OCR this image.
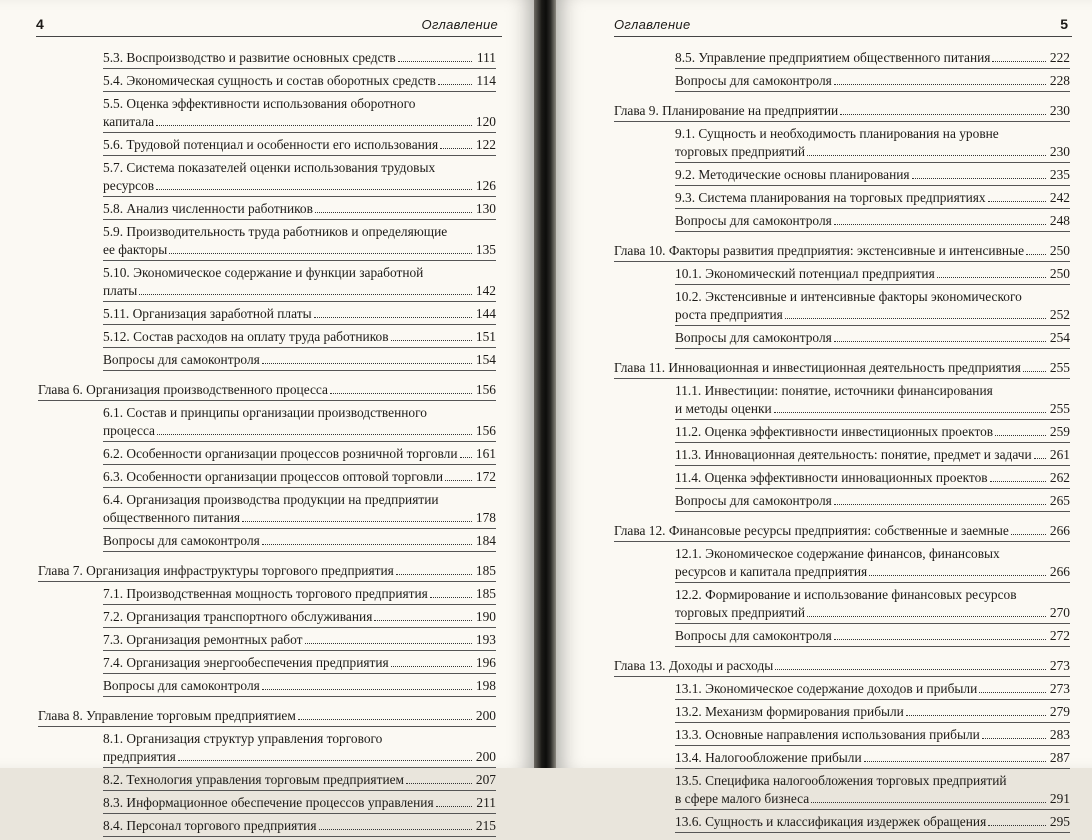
4	Оглавление
5.3. Воспроизводство и развитие основных средств	111
5.4. Экономическая сущность и состав оборотных средств	114
5.5. Оценка эффективности использования оборотного
капитала	120
5.6. Трудовой потенциал и особенности его использования	122
5.7. Система показателей оценки использования трудовых
ресурсов	126
5.8. Анализ численности работников	130
5.9. Производительность труда работников и определяющие
ее факторы	135
5.10. Экономическое содержание и функции заработной
платы	142
5.11. Организация заработной платы	144
5.12. Состав расходов на оплату труда работников	151
Вопросы для самоконтроля	154
Глава 6. Организация производственного процесса	156
6.1. Состав и принципы организации производственного
процесса	156
6.2. Особенности организации процессов розничной торговли 161
6.3. Особенности организации процессов оптовой торговли 172
6.4. Организация производства продукции на предприятии
общественного питания	178
Вопросы для самоконтроля	184
Глава 7. Организация инфраструктуры торгового предприятия	185
7.1. Производственная мощность торгового предприятия	185
7.2. Организация транспортного обслуживания	190
7.3. Организация ремонтных работ	193
7.4. Организация энергообеспечения предприятия	196
Вопросы для самоконтроля	198
Глава 8. Управление торговым предприятием	200
8.1. Организация структур управления торгового
предприятия	200
8.2. Технология управления торговым предприятием	207
8.3. Информационное обеспечение процессов управления	211
8.4. Персонал торгового предприятия	215
Оглавление	5
8.5. Управление предприятием общественного питания	222
Вопросы для самоконтроля	228
Глава 9. Планирование на предприятии	230
9.1. Сущность и необходимость планирования на уровне
торговых предприятий	230
9.2. Методические основы планирования	235
9.3. Система планирования на торговых предприятиях	242
Вопросы для самоконтроля	248
Глава 10. Факторы развития предприятия: экстенсивные и интенсивные 250
10.1. Экономический потенциал предприятия	250
10.2. Экстенсивные и интенсивные факторы экономического
роста предприятия	252
Вопросы для самоконтроля	254
Глава 11. Инновационная и инвестиционная деятельность предприятия 255
11.1. Инвестиции: понятие, источники финансирования
и методы оценки	255
11.2. Оценка эффективности инвестиционных проектов	259
11.3. Инновационная деятельность: понятие, предмет и задачи 261
11.4. Оценка эффективности инновационных проектов	262
Вопросы для самоконтроля	265
Глава 12. Финансовые ресурсы предприятия: собственные и заемные	266
12.1. Экономическое содержание финансов, финансовых
ресурсов и капитала предприятия	266
12.2. Формирование и использование финансовых ресурсов
торговых предприятий	270
Вопросы для самоконтроля	272
Глава 13. Доходы и расходы	273
13.1. Экономическое содержание доходов и прибыли	273
13.2. Механизм формирования прибыли	279
13.3. Основные направления использования прибыли	283
13.4. Налогообложение прибыли	287
13.5. Специфика налогообложения торговых предприятий
в сфере малого бизнеса	291
13.6. Сущность и классификация издержек обращения	295
